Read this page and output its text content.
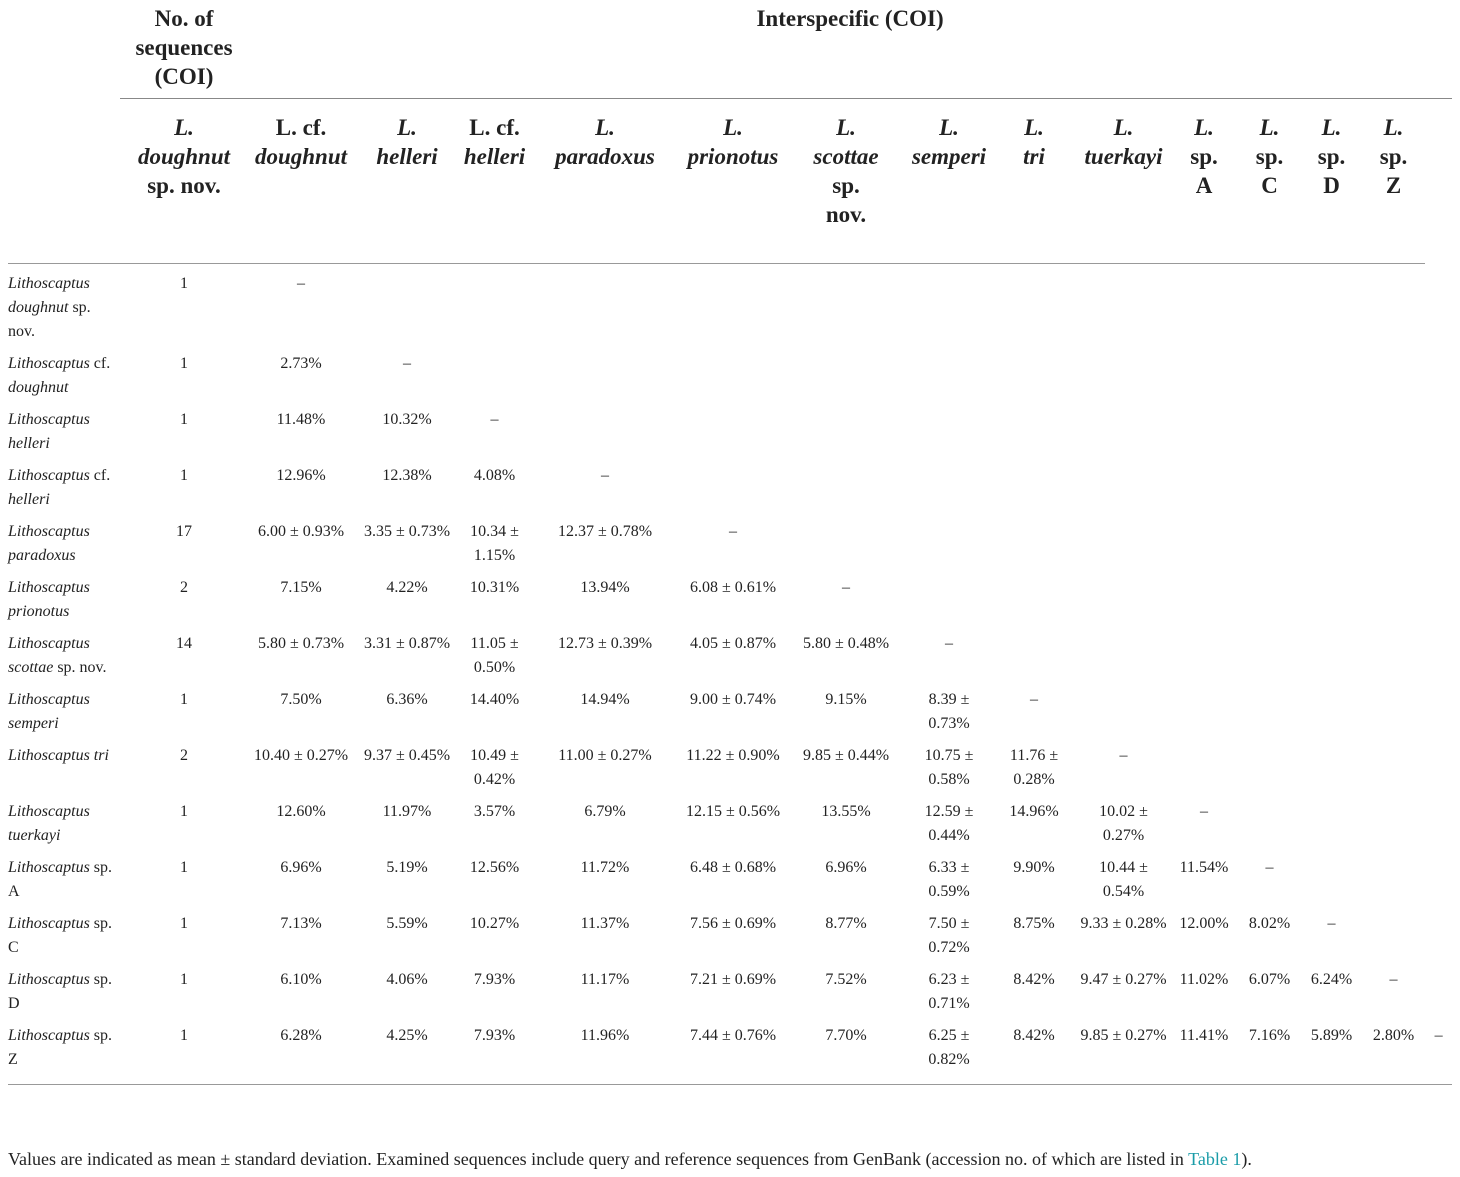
	No. of
sequences
(COI)	Interspecific (COI)														

	L.
doughnut
sp. nov.	L. cf.
doughnut	L.
helleri	L. cf.
helleri	L.
paradoxus	L.
prionotus	L.
scottae
sp.
nov.	L.
semperi	L.
tri	L.
tuerkayi	L.
sp.
A	L.
sp.
C	L.
sp.
D	L.
sp.
Z		

Lithoscaptus doughnut sp. nov.	1	–														
Lithoscaptus cf. doughnut	1	2.73%	–													
Lithoscaptus helleri	1	11.48%	10.32%	–												
Lithoscaptus cf. helleri	1	12.96%	12.38%	4.08%	–											
Lithoscaptus paradoxus	17	6.00 ± 0.93%	3.35 ± 0.73%	10.34 ± 1.15%	12.37 ± 0.78%	–										
Lithoscaptus prionotus	2	7.15%	4.22%	10.31%	13.94%	6.08 ± 0.61%	–									
Lithoscaptus scottae sp. nov.	14	5.80 ± 0.73%	3.31 ± 0.87%	11.05 ± 0.50%	12.73 ± 0.39%	4.05 ± 0.87%	5.80 ± 0.48%	–								
Lithoscaptus semperi	1	7.50%	6.36%	14.40%	14.94%	9.00 ± 0.74%	9.15%	8.39 ± 0.73%	–							
Lithoscaptus tri	2	10.40 ± 0.27%	9.37 ± 0.45%	10.49 ± 0.42%	11.00 ± 0.27%	11.22 ± 0.90%	9.85 ± 0.44%	10.75 ± 0.58%	11.76 ± 0.28%	–						
Lithoscaptus tuerkayi	1	12.60%	11.97%	3.57%	6.79%	12.15 ± 0.56%	13.55%	12.59 ± 0.44%	14.96%	10.02 ± 0.27%	–					
Lithoscaptus sp. A	1	6.96%	5.19%	12.56%	11.72%	6.48 ± 0.68%	6.96%	6.33 ± 0.59%	9.90%	10.44 ± 0.54%	11.54%	–				
Lithoscaptus sp. C	1	7.13%	5.59%	10.27%	11.37%	7.56 ± 0.69%	8.77%	7.50 ± 0.72%	8.75%	9.33 ± 0.28%	12.00%	8.02%	–			
Lithoscaptus sp. D	1	6.10%	4.06%	7.93%	11.17%	7.21 ± 0.69%	7.52%	6.23 ± 0.71%	8.42%	9.47 ± 0.27%	11.02%	6.07%	6.24%	–		
Lithoscaptus sp. Z	1	6.28%	4.25%	7.93%	11.96%	7.44 ± 0.76%	7.70%	6.25 ± 0.82%	8.42%	9.85 ± 0.27%	11.41%	7.16%	5.89%	2.80%	–	
Values are indicated as mean ± standard deviation. Examined sequences include query and reference sequences from GenBank (accession no. of which are listed in Table 1).
